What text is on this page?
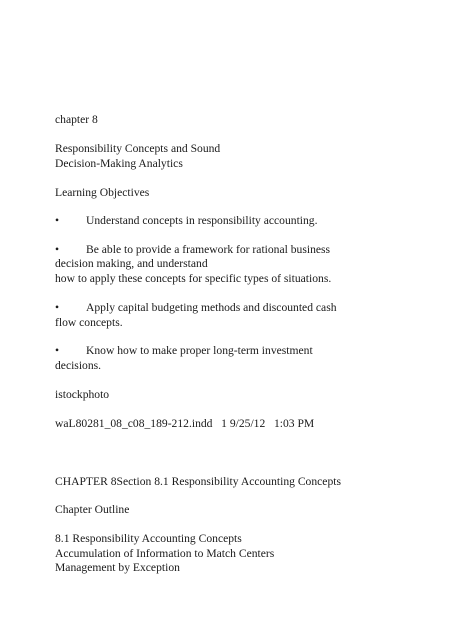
chapter 8

Responsibility Concepts and Sound

Decision-Making Analytics

Learning Objectives

• Understand concepts in responsibility accounting.

• Be able to provide a framework for rational business

decision making, and understand

how to apply these concepts for specific types of situations.

• Apply capital budgeting methods and discounted cash

flow concepts.

• Know how to make proper long-term investment

decisions.

istockphoto

waL80281_08_c08_189-212.indd   1 9/25/12   1:03 PM

CHAPTER 8Section 8.1 Responsibility Accounting Concepts

Chapter Outline

8.1 Responsibility Accounting Concepts

Accumulation of Information to Match Centers

Management by Exception
